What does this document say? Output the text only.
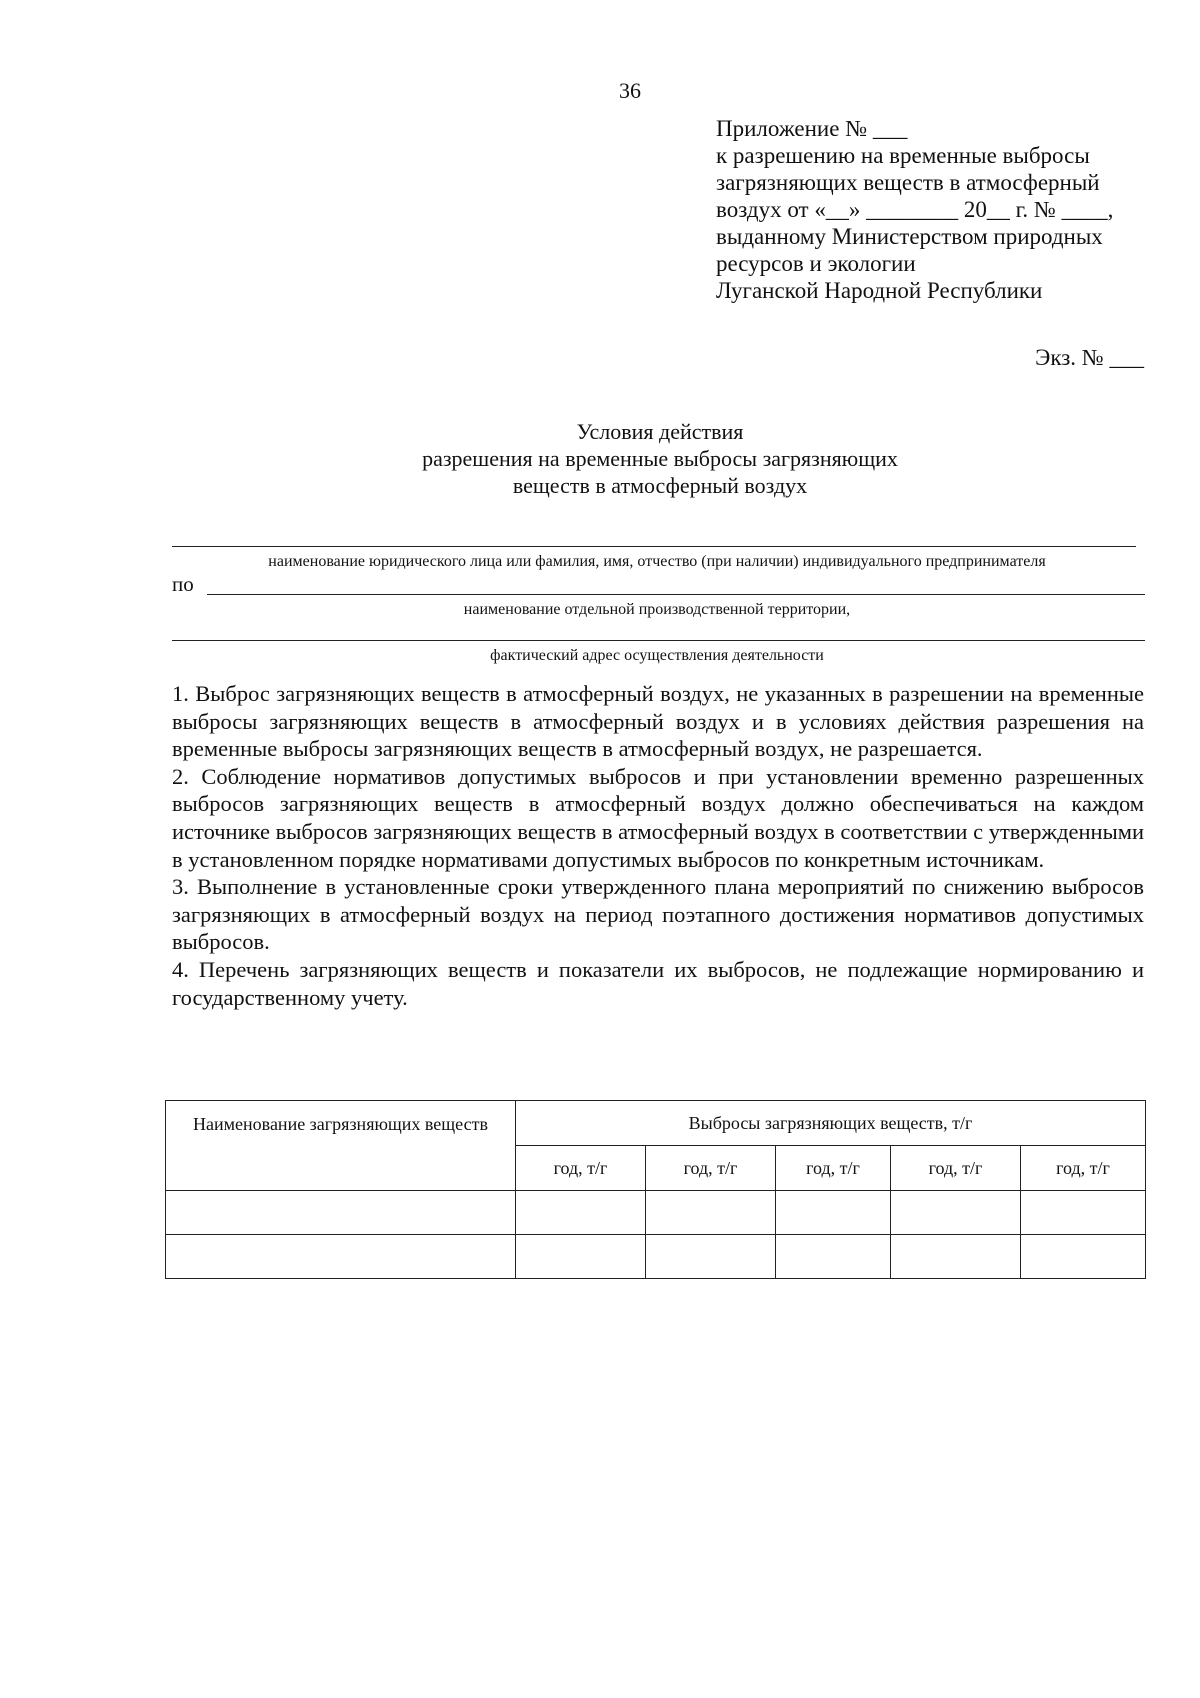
36
Приложение № ___
к разрешению на временные выбросы
загрязняющих веществ в атмосферный
воздух от «__» ________ 20__ г. № ____,
выданному Министерством природных
ресурсов и экологии
Луганской Народной Республики
Экз. № ___
Условия действия
разрешения на временные выбросы загрязняющих
веществ в атмосферный воздух
наименование юридического лица или фамилия, имя, отчество (при наличии) индивидуального предпринимателя
по
наименование отдельной производственной территории,
фактический адрес осуществления деятельности

1. Выброс загрязняющих веществ в атмосферный воздух, не указанных в разрешении на временные выбросы загрязняющих веществ в атмосферный воздух и в условиях действия разрешения на временные выбросы загрязняющих веществ в атмосферный воздух, не разрешается.

2. Соблюдение нормативов допустимых выбросов и при установлении временно разрешенных выбросов загрязняющих веществ в атмосферный воздух должно обеспечиваться на каждом источнике выбросов загрязняющих веществ в атмосферный воздух в соответствии с утвержденными в установленном порядке нормативами допустимых выбросов по конкретным источникам.

3. Выполнение в установленные сроки утвержденного плана мероприятий по снижению выбросов загрязняющих в атмосферный воздух на период поэтапного достижения нормативов допустимых выбросов.

4. Перечень загрязняющих веществ и показатели их выбросов, не подлежащие нормированию и государственному учету.

Наименование загрязняющих веществ	Выбросы загрязняющих веществ, т/г				
	год, т/г	год, т/г	год, т/г	год, т/г	год, т/г
